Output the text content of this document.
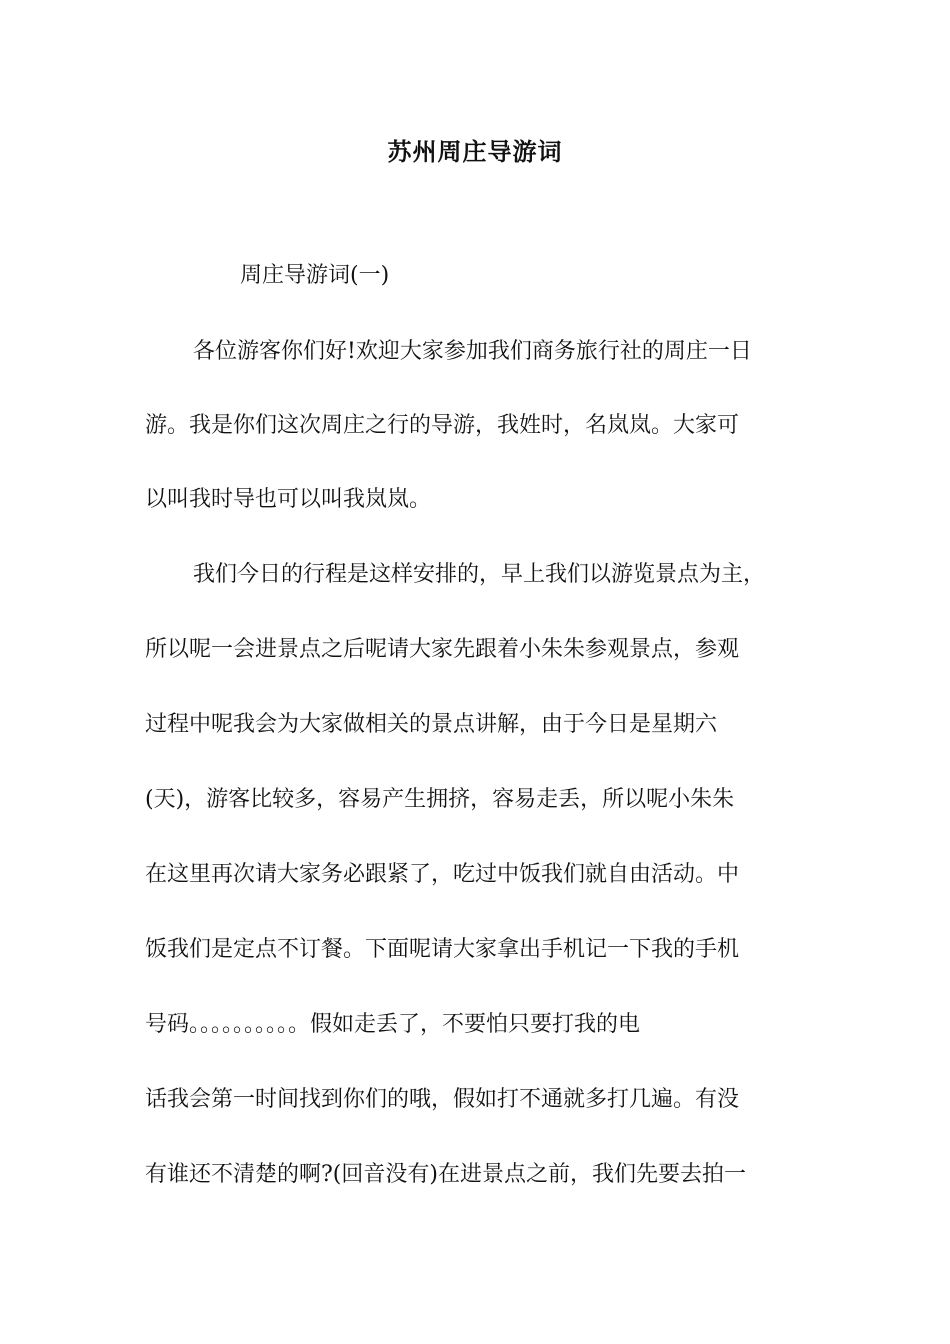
苏州周庄导游词
周庄导游词(一)
各位游客你们好!欢迎大家参加我们商务旅行社的周庄一日
游。我是你们这次周庄之行的导游，我姓时，名岚岚。大家可
以叫我时导也可以叫我岚岚。
我们今日的行程是这样安排的，早上我们以游览景点为主，
所以呢一会进景点之后呢请大家先跟着小朱朱参观景点，参观
过程中呢我会为大家做相关的景点讲解，由于今日是星期六
(天)，游客比较多，容易产生拥挤，容易走丢，所以呢小朱朱
在这里再次请大家务必跟紧了，吃过中饭我们就自由活动。中
饭我们是定点不订餐。下面呢请大家拿出手机记一下我的手机
号码。。。。。。。。。。假如走丢了，不要怕只要打我的电
话我会第一时间找到你们的哦，假如打不通就多打几遍。有没
有谁还不清楚的啊?(回音没有)在进景点之前，我们先要去拍一
